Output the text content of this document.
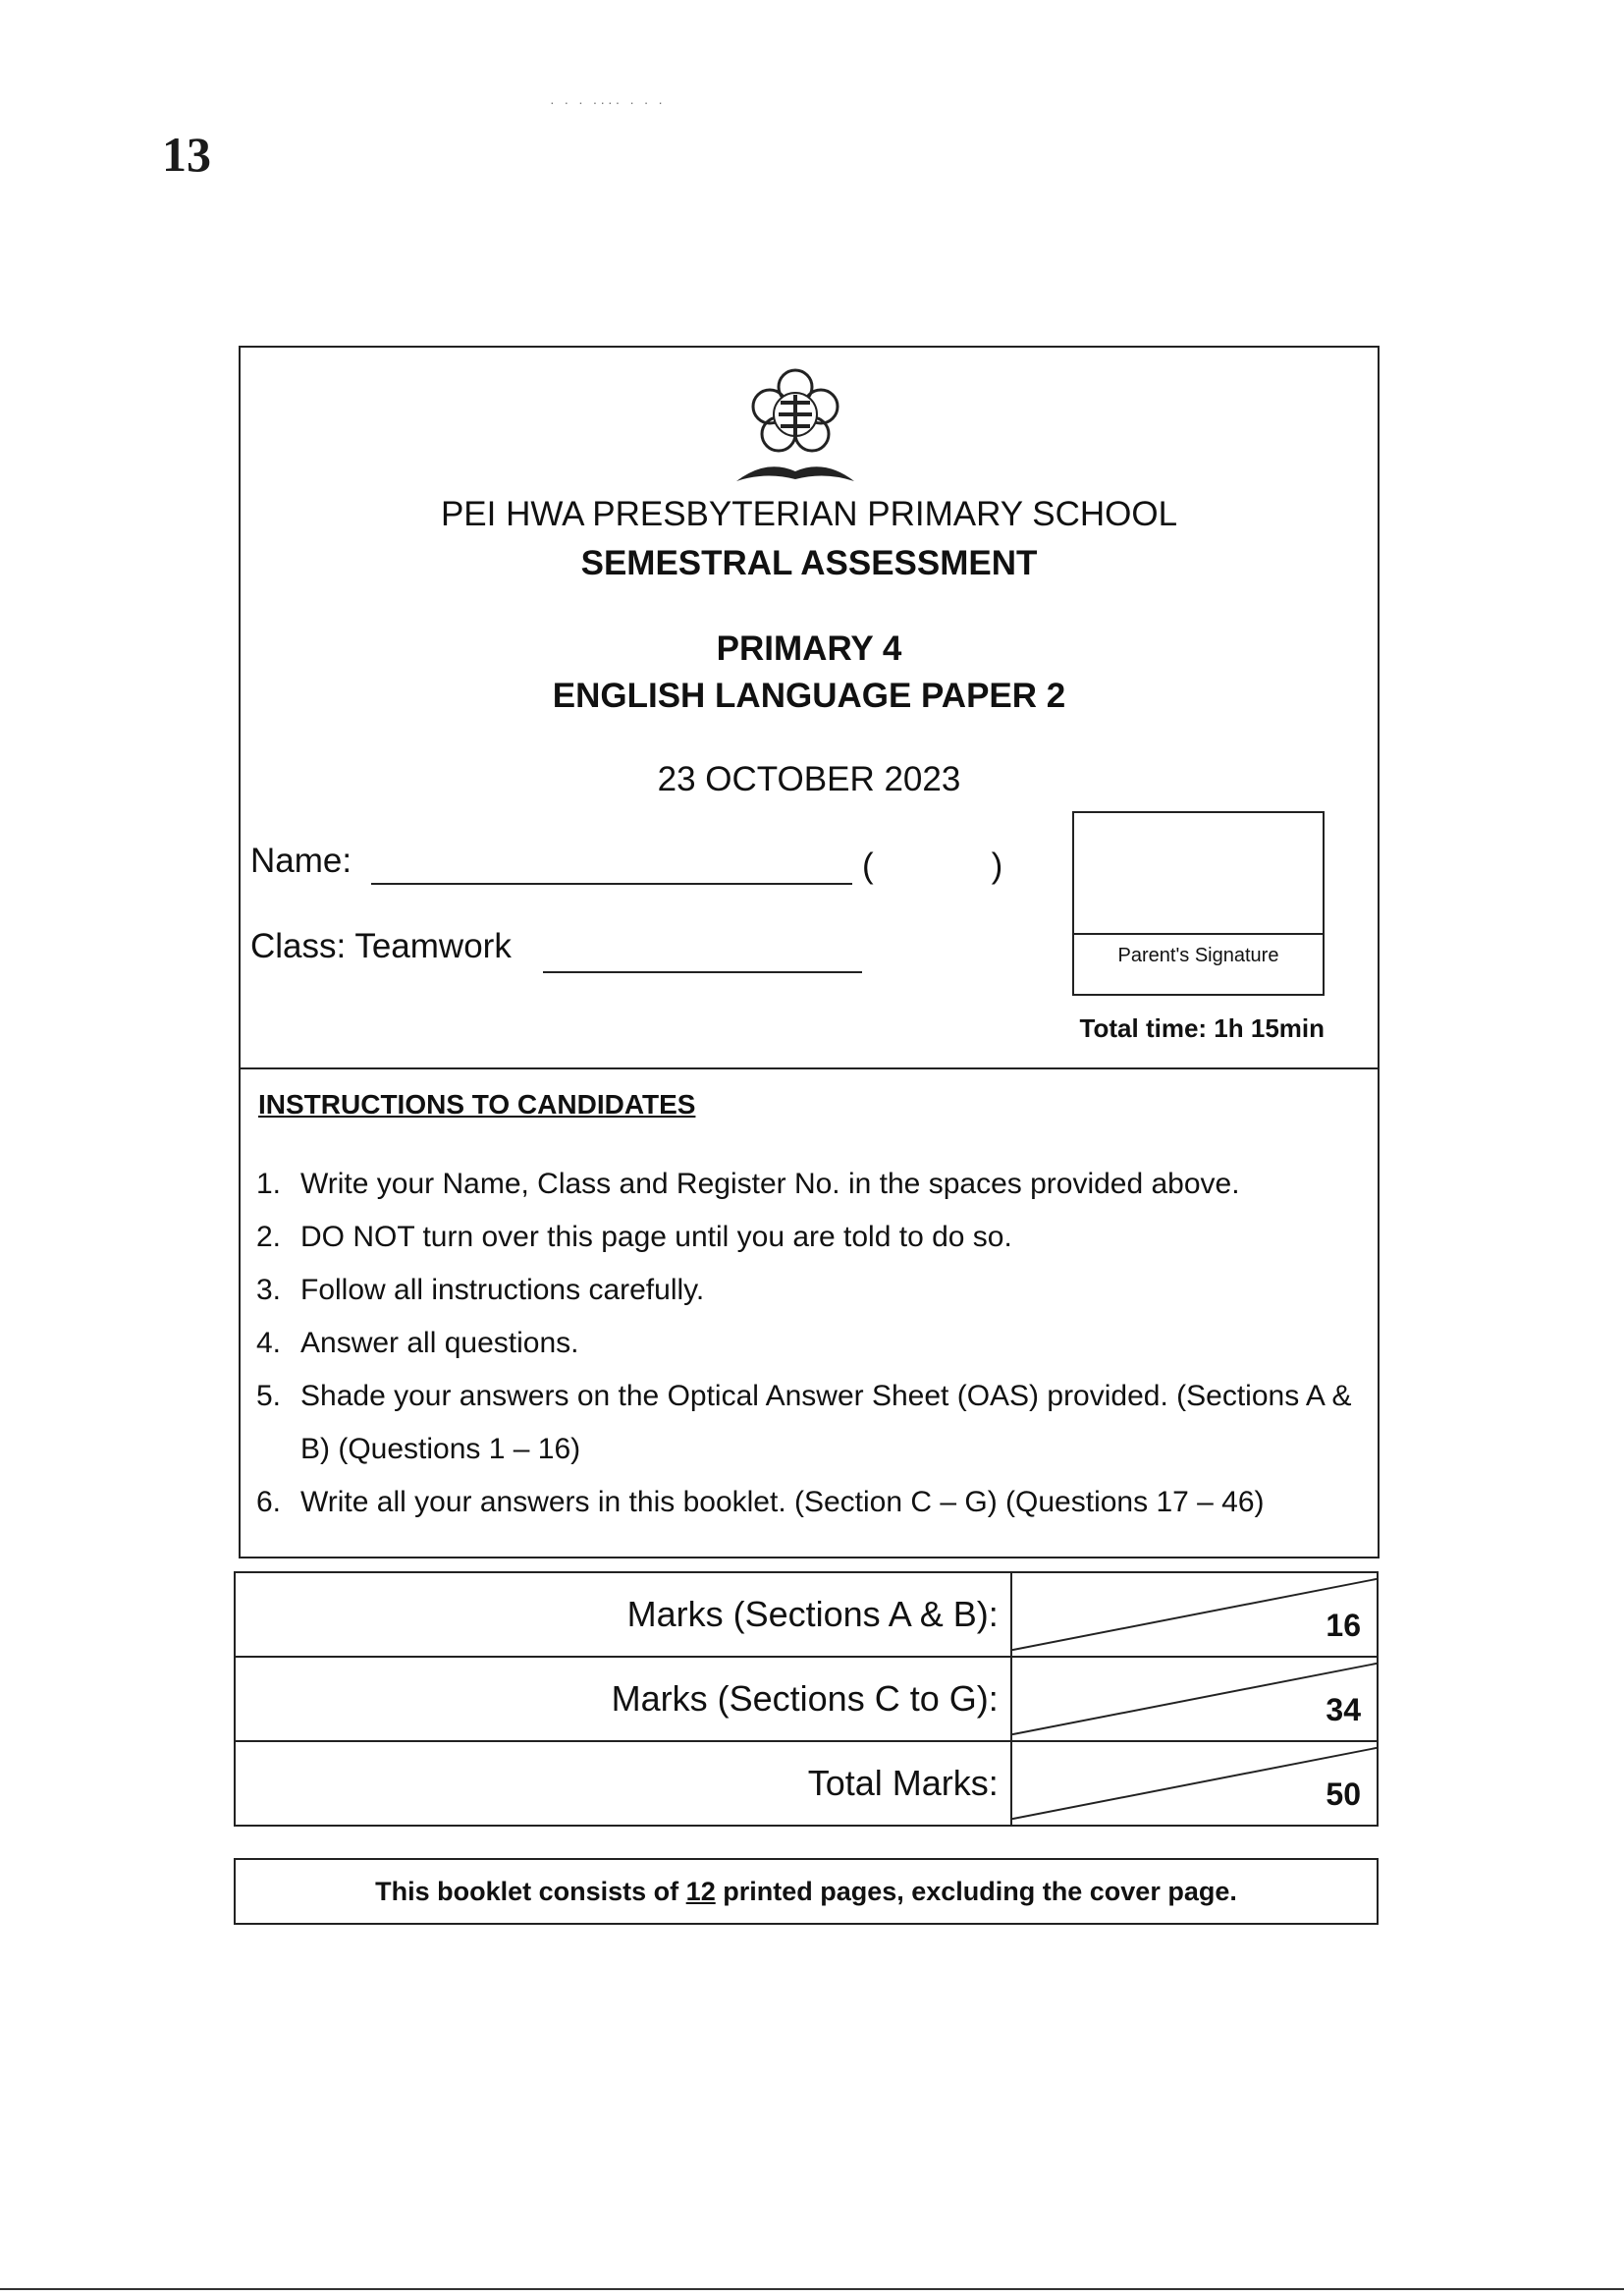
· · · ···· · · ·
13
PEI HWA PRESBYTERIAN PRIMARY SCHOOL
SEMESTRAL ASSESSMENT
PRIMARY 4
ENGLISH LANGUAGE PAPER 2
23 OCTOBER 2023
Name:	(	)
Class: Teamwork	Parent's Signature
Total time: 1h 15min
INSTRUCTIONS TO CANDIDATES
1. Write your Name, Class and Register No. in the spaces provided above.
2. DO NOT turn over this page until you are told to do so.
3. Follow all instructions carefully.
4. Answer all questions.
5. Shade your answers on the Optical Answer Sheet (OAS) provided. (Sections A & B) (Questions 1 – 16)
6. Write all your answers in this booklet. (Section C – G) (Questions 17 – 46)
Marks (Sections A & B):	16

Marks (Sections C to G):	34

Total Marks:	50
This booklet consists of 12 printed pages, excluding the cover page.
